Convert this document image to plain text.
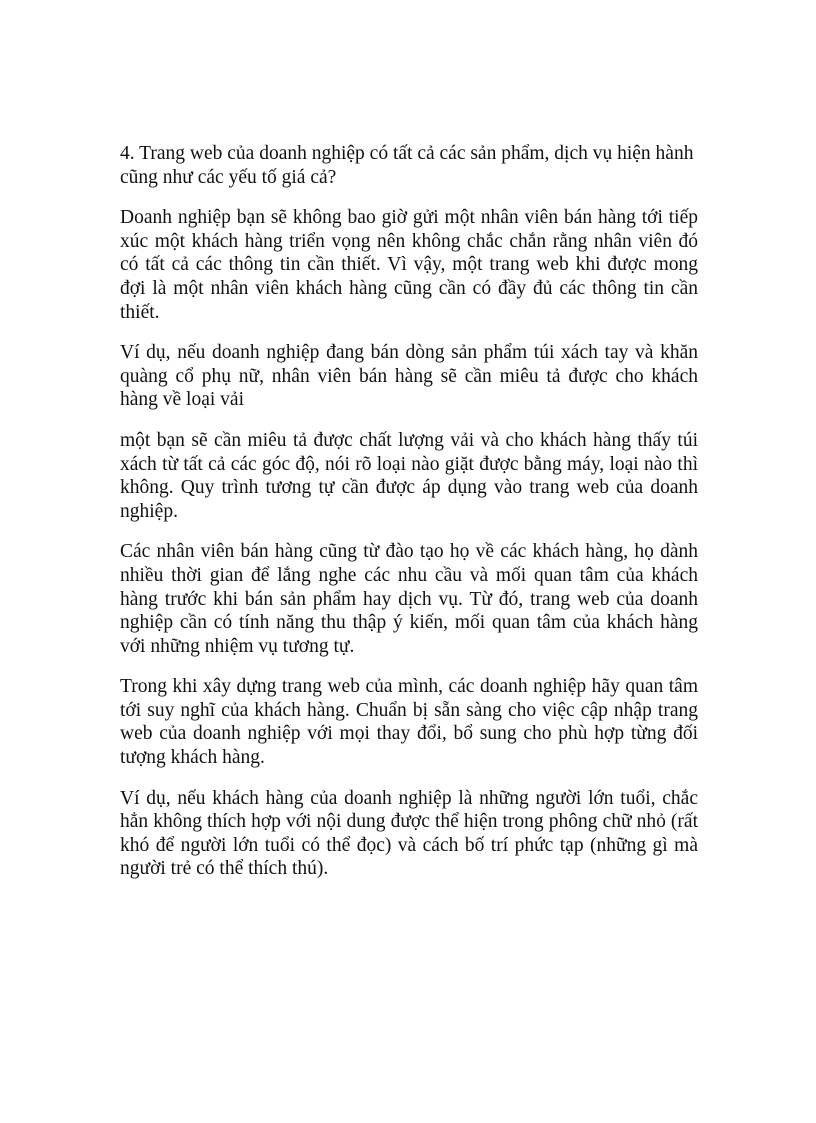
4. Trang web của doanh nghiệp có tất cả các sản phẩm, dịch vụ hiện hành cũng như các yếu tố giá cả?

Doanh nghiệp bạn sẽ không bao giờ gửi một nhân viên bán hàng tới tiếp xúc một khách hàng triển vọng nên không chắc chắn rằng nhân viên đó có tất cả các thông tin cần thiết. Vì vậy, một trang web khi được mong đợi là một nhân viên khách hàng cũng cần có đầy đủ các thông tin cần thiết.

Ví dụ, nếu doanh nghiệp đang bán dòng sản phẩm túi xách tay và khăn quàng cổ phụ nữ, nhân viên bán hàng sẽ cần miêu tả được cho khách hàng về loại vải

một bạn sẽ cần miêu tả được chất lượng vải và cho khách hàng thấy túi xách từ tất cả các góc độ, nói rõ loại nào giặt được bằng máy, loại nào thì không. Quy trình tương tự cần được áp dụng vào trang web của doanh nghiệp.

Các nhân viên bán hàng cũng từ đào tạo họ về các khách hàng, họ dành nhiều thời gian để lắng nghe các nhu cầu và mối quan tâm của khách hàng trước khi bán sản phẩm hay dịch vụ. Từ đó, trang web của doanh nghiệp cần có tính năng thu thập ý kiến, mối quan tâm của khách hàng với những nhiệm vụ tương tự.

Trong khi xây dựng trang web của mình, các doanh nghiệp hãy quan tâm tới suy nghĩ của khách hàng. Chuẩn bị sẵn sàng cho việc cập nhập trang web của doanh nghiệp với mọi thay đổi, bổ sung cho phù hợp từng đối tượng khách hàng.

Ví dụ, nếu khách hàng của doanh nghiệp là những người lớn tuổi, chắc hẳn không thích hợp với nội dung được thể hiện trong phông chữ nhỏ (rất khó để người lớn tuổi có thể đọc) và cách bố trí phức tạp (những gì mà người trẻ có thể thích thú).
